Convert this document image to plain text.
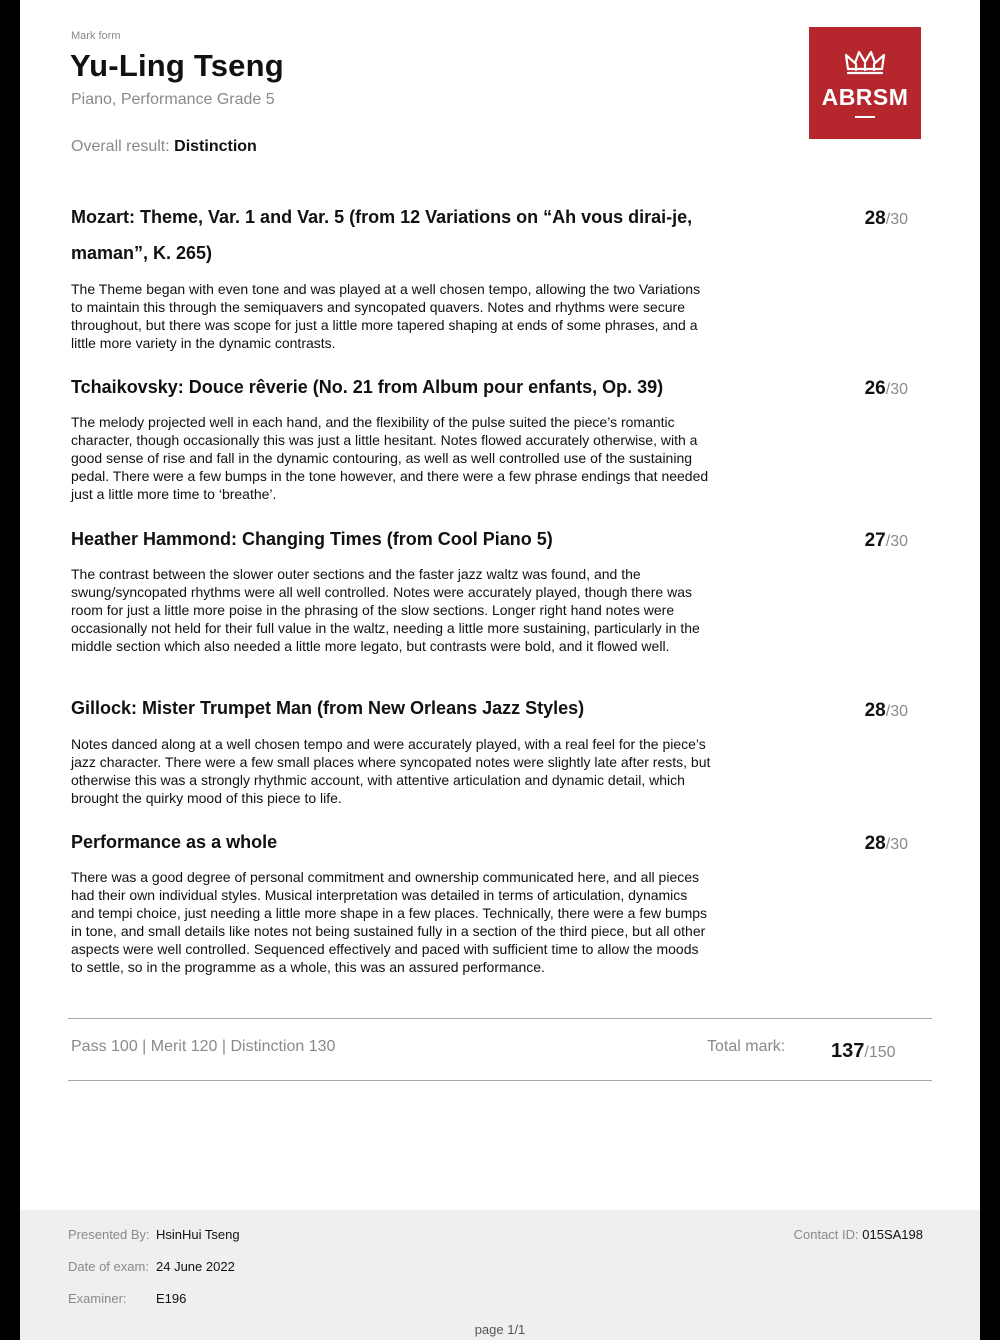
Mark form
Yu-Ling Tseng
Piano, Performance Grade 5
Overall result: Distinction
ABRSM
Mozart: Theme, Var. 1 and Var. 5 (from 12 Variations on “Ah vous dirai-je, maman”, K. 265)
28/30
The Theme began with even tone and was played at a well chosen tempo, allowing the two Variations to maintain this through the semiquavers and syncopated quavers. Notes and rhythms were secure throughout, but there was scope for just a little more tapered shaping at ends of some phrases, and a little more variety in the dynamic contrasts.
Tchaikovsky: Douce rêverie (No. 21 from Album pour enfants, Op. 39)	26/30
The melody projected well in each hand, and the flexibility of the pulse suited the piece’s romantic character, though occasionally this was just a little hesitant. Notes flowed accurately otherwise, with a good sense of rise and fall in the dynamic contouring, as well as well controlled use of the sustaining pedal. There were a few bumps in the tone however, and there were a few phrase endings that needed just a little more time to ‘breathe’.
Heather Hammond: Changing Times (from Cool Piano 5)	27/30
The contrast between the slower outer sections and the faster jazz waltz was found, and the swung/syncopated rhythms were all well controlled. Notes were accurately played, though there was room for just a little more poise in the phrasing of the slow sections. Longer right hand notes were occasionally not held for their full value in the waltz, needing a little more sustaining, particularly in the middle section which also needed a little more legato, but contrasts were bold, and it flowed well.
Gillock: Mister Trumpet Man (from New Orleans Jazz Styles)	28/30
Notes danced along at a well chosen tempo and were accurately played, with a real feel for the piece’s jazz character. There were a few small places where syncopated notes were slightly late after rests, but otherwise this was a strongly rhythmic account, with attentive articulation and dynamic detail, which brought the quirky mood of this piece to life.
Performance as a whole	28/30
There was a good degree of personal commitment and ownership communicated here, and all pieces had their own individual styles. Musical interpretation was detailed in terms of articulation, dynamics and tempi choice, just needing a little more shape in a few places. Technically, there were a few bumps in tone, and small details like notes not being sustained fully in a section of the third piece, but all other aspects were well controlled. Sequenced effectively and paced with sufficient time to allow the moods to settle, so in the programme as a whole, this was an assured performance.
Pass 100 | Merit 120 | Distinction 130	Total mark: 137/150
Presented By: HsinHui Tseng
Date of exam: 24 June 2022
Examiner: E196
Contact ID: 015SA198
page 1/1
